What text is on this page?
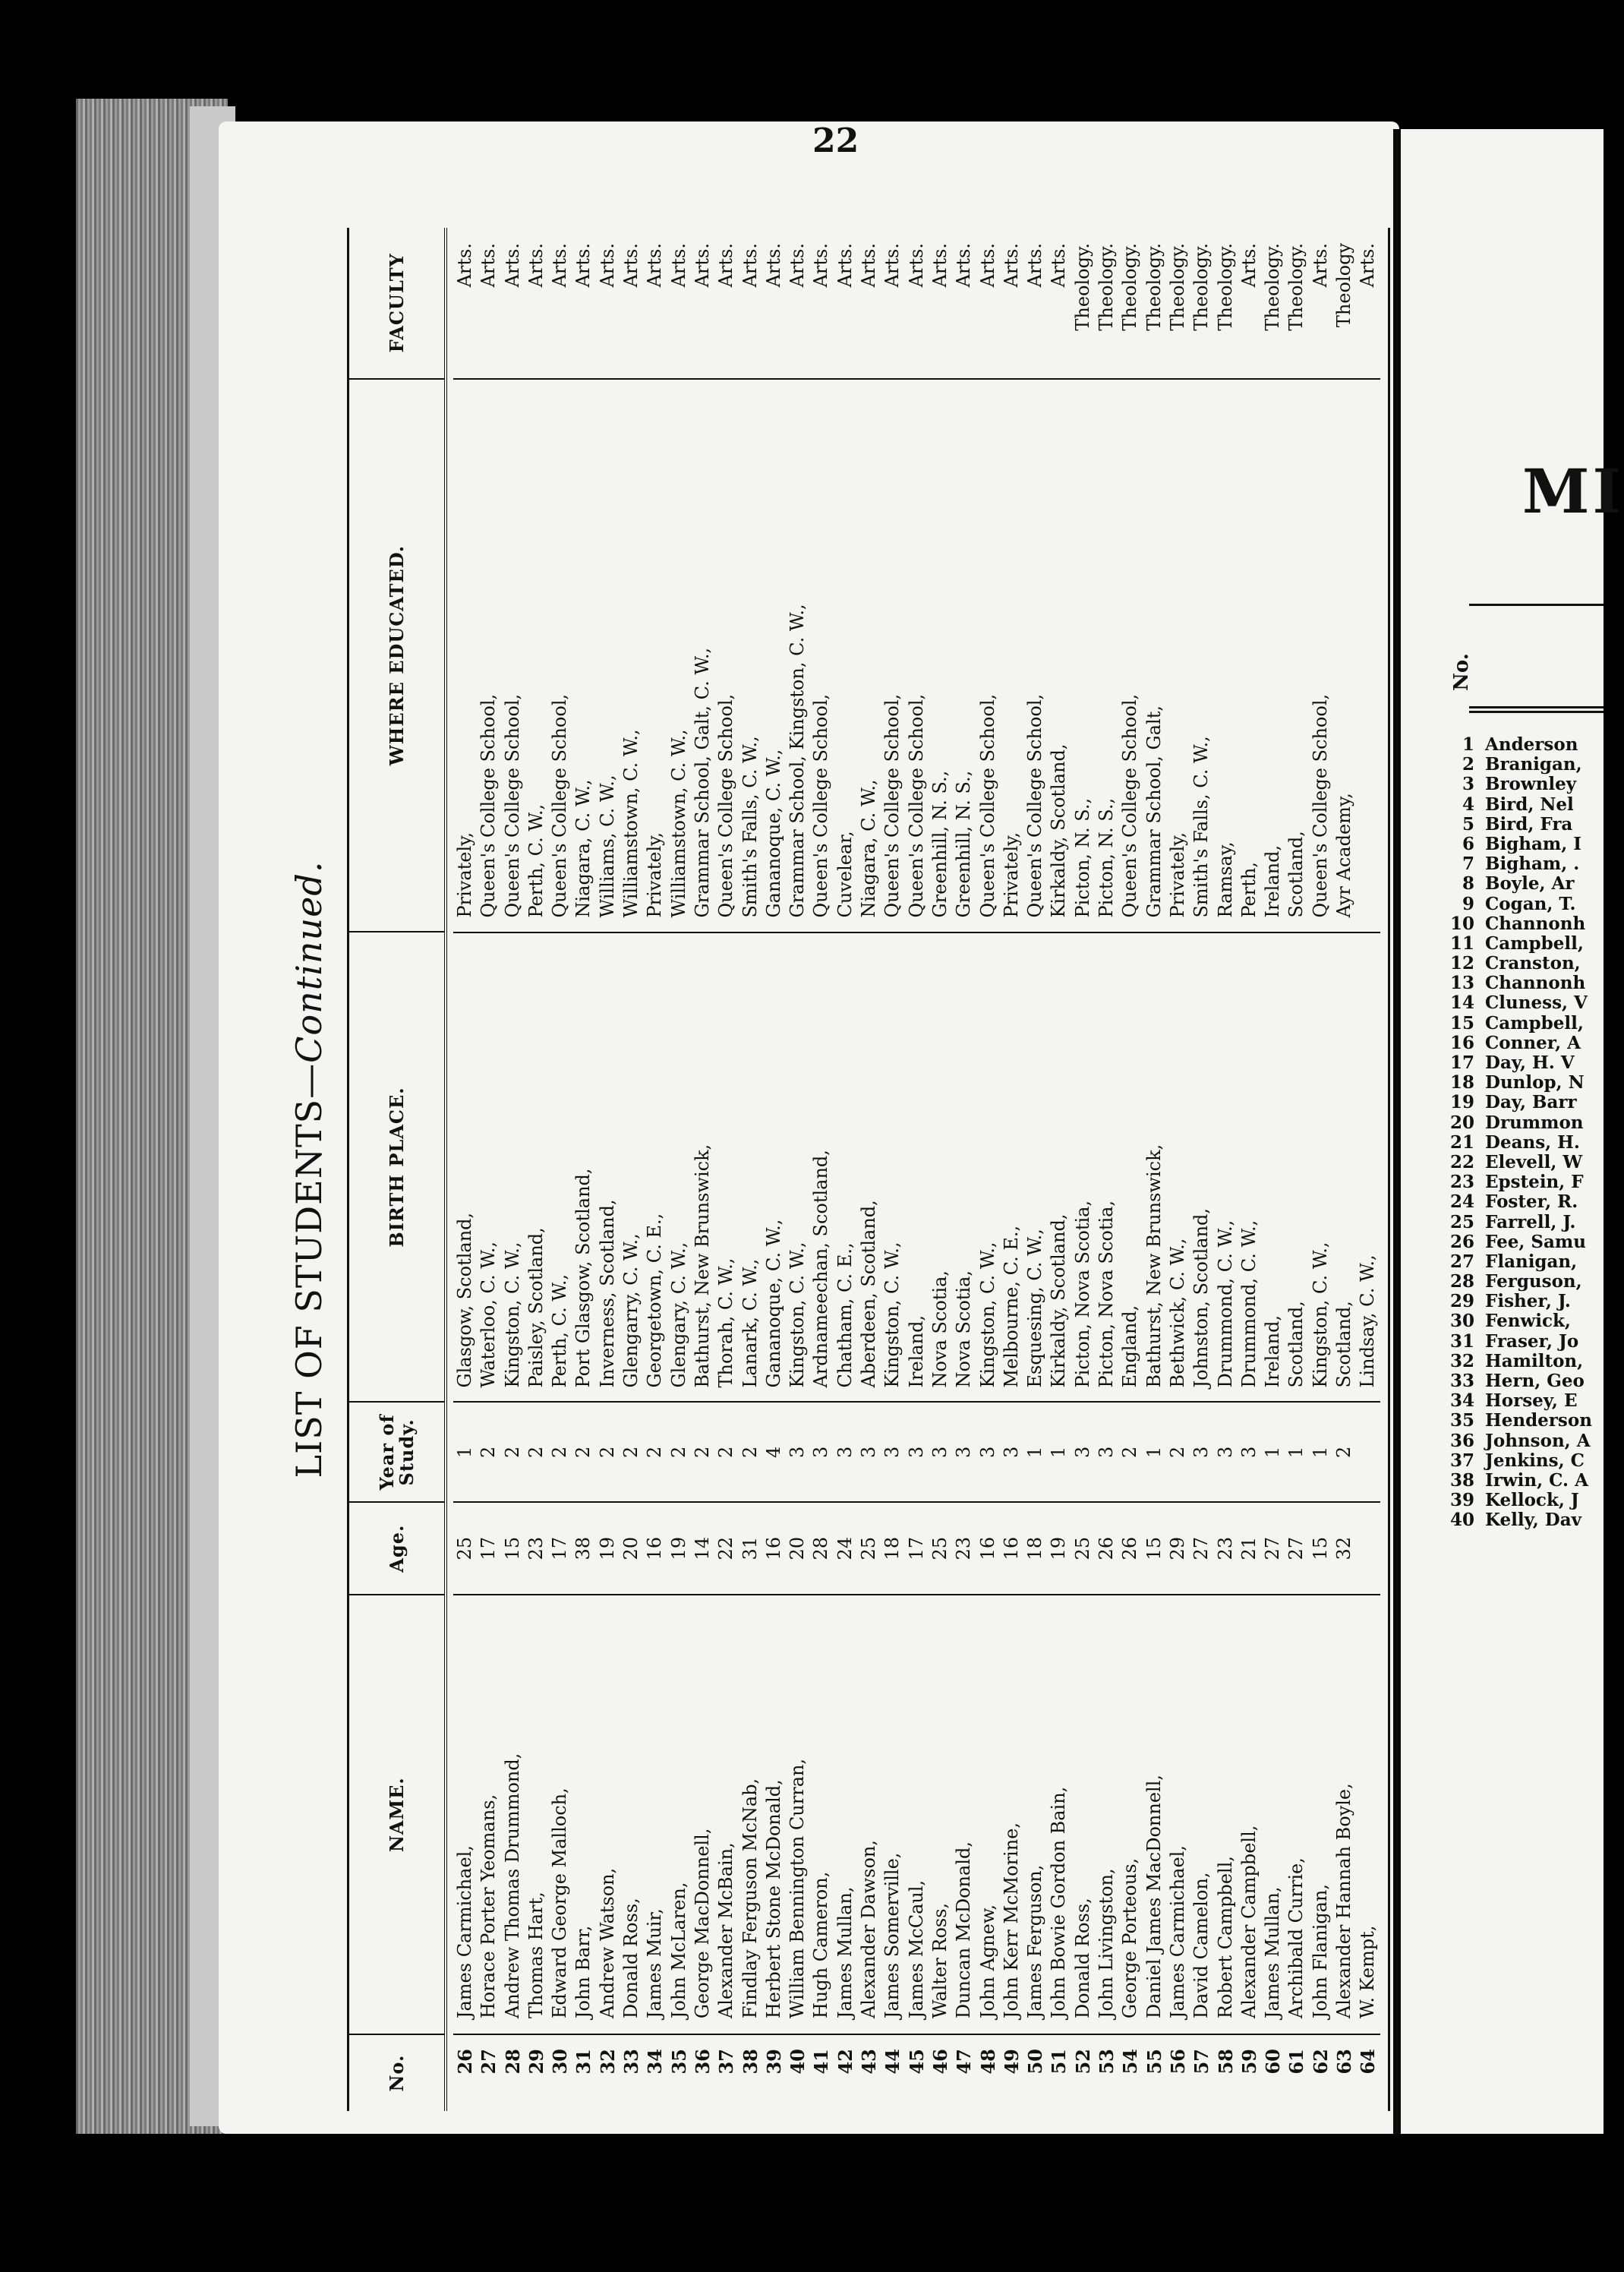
22
LIST OF STUDENTS—Continued.
No.
NAME.
Age.
Year of Study.
BIRTH PLACE.
WHERE EDUCATED.
FACULTY
26
James Carmichael,
25
1
Glasgow, Scotland,
Privately,
Arts.
27
Horace Porter Yeomans,
17
2
Waterloo, C. W.,
Queen's College School,
Arts.
28
Andrew Thomas Drummond,
15
2
Kingston, C. W.,
Queen's College School,
Arts.
29
Thomas Hart,
23
2
Paisley, Scotland,
Perth, C. W.,
Arts.
30
Edward George Malloch,
17
2
Perth, C. W.,
Queen's College School,
Arts.
31
John Barr,
38
2
Port Glasgow, Scotland,
Niagara, C. W.,
Arts.
32
Andrew Watson,
19
2
Inverness, Scotland,
Williams, C. W.,
Arts.
33
Donald Ross,
20
2
Glengarry, C. W.,
Williamstown, C. W.,
Arts.
34
James Muir,
16
2
Georgetown, C. E.,
Privately,
Arts.
35
John McLaren,
19
2
Glengary, C. W.,
Williamstown, C. W.,
Arts.
36
George MacDonnell,
14
2
Bathurst, New Brunswick,
Grammar School, Galt, C. W.,
Arts.
37
Alexander McBain,
22
2
Thorah, C. W.,
Queen's College School,
Arts.
38
Findlay Ferguson McNab,
31
2
Lanark, C. W.,
Smith's Falls, C. W.,
Arts.
39
Herbert Stone McDonald,
16
4
Gananoque, C. W.,
Gananoque, C. W.,
Arts.
40
William Bennington Curran,
20
3
Kingston, C. W.,
Grammar School, Kingston, C. W.,
Arts.
41
Hugh Cameron,
28
3
Ardnameechan, Scotland,
Queen's College School,
Arts.
42
James Mullan,
24
3
Chatham, C. E.,
Cuvelear,
Arts.
43
Alexander Dawson,
25
3
Aberdeen, Scotland,
Niagara, C. W.,
Arts.
44
James Somerville,
18
3
Kingston, C. W.,
Queen's College School,
Arts.
45
James McCaul,
17
3
Ireland,
Queen's College School,
Arts.
46
Walter Ross,
25
3
Nova Scotia,
Greenhill, N. S.,
Arts.
47
Duncan McDonald,
23
3
Nova Scotia,
Greenhill, N. S.,
Arts.
48
John Agnew,
16
3
Kingston, C. W.,
Queen's College School,
Arts.
49
John Kerr McMorine,
16
3
Melbourne, C. E.,
Privately,
Arts.
50
James Ferguson,
18
1
Esquesing, C. W.,
Queen's College School,
Arts.
51
John Bowie Gordon Bain,
19
1
Kirkaldy, Scotland,
Kirkaldy, Scotland,
Arts.
52
Donald Ross,
25
3
Picton, Nova Scotia,
Picton, N. S.,
Theology.
53
John Livingston,
26
3
Picton, Nova Scotia,
Picton, N. S.,
Theology.
54
George Porteous,
26
2
England,
Queen's College School,
Theology.
55
Daniel James MacDonnell,
15
1
Bathurst, New Brunswick,
Grammar School, Galt,
Theology.
56
James Carmichael,
29
2
Bethwick, C. W.,
Privately,
Theology.
57
David Camelon,
27
3
Johnston, Scotland,
Smith's Falls, C. W.,
Theology.
58
Robert Campbell,
23
3
Drummond, C. W.,
Ramsay,
Theology.
59
Alexander Campbell,
21
3
Drummond, C. W.,
Perth,
Arts.
60
James Mullan,
27
1
Ireland,
Ireland,
Theology.
61
Archibald Currie,
27
1
Scotland,
Scotland,
Theology.
62
John Flanigan,
15
1
Kingston, C. W.,
Queen's College School,
Arts.
63
Alexander Hannah Boyle,
32
2
Scotland,
Ayr Academy,
Theology
64
W. Kempt,
Lindsay, C. W.,
Arts.
MI
No.
1 Anderson
2 Branigan,
3 Brownley
4 Bird, Nel
5 Bird, Fra
6 Bigham, I
7 Bigham, .
8 Boyle, Ar
9 Cogan, T.
10 Channonh
11 Campbell,
12 Cranston,
13 Channonh
14 Cluness, V
15 Campbell,
16 Conner, A
17 Day, H. V
18 Dunlop, N
19 Day, Barr
20 Drummon
21 Deans, H.
22 Elevell, W
23 Epstein, F
24 Foster, R.
25 Farrell, J.
26 Fee, Samu
27 Flanigan,
28 Ferguson,
29 Fisher, J.
30 Fenwick,
31 Fraser, Jo
32 Hamilton,
33 Hern, Geo
34 Horsey, E
35 Henderson
36 Johnson, A
37 Jenkins, C
38 Irwin, C. A
39 Kellock, J
40 Kelly, Dav
